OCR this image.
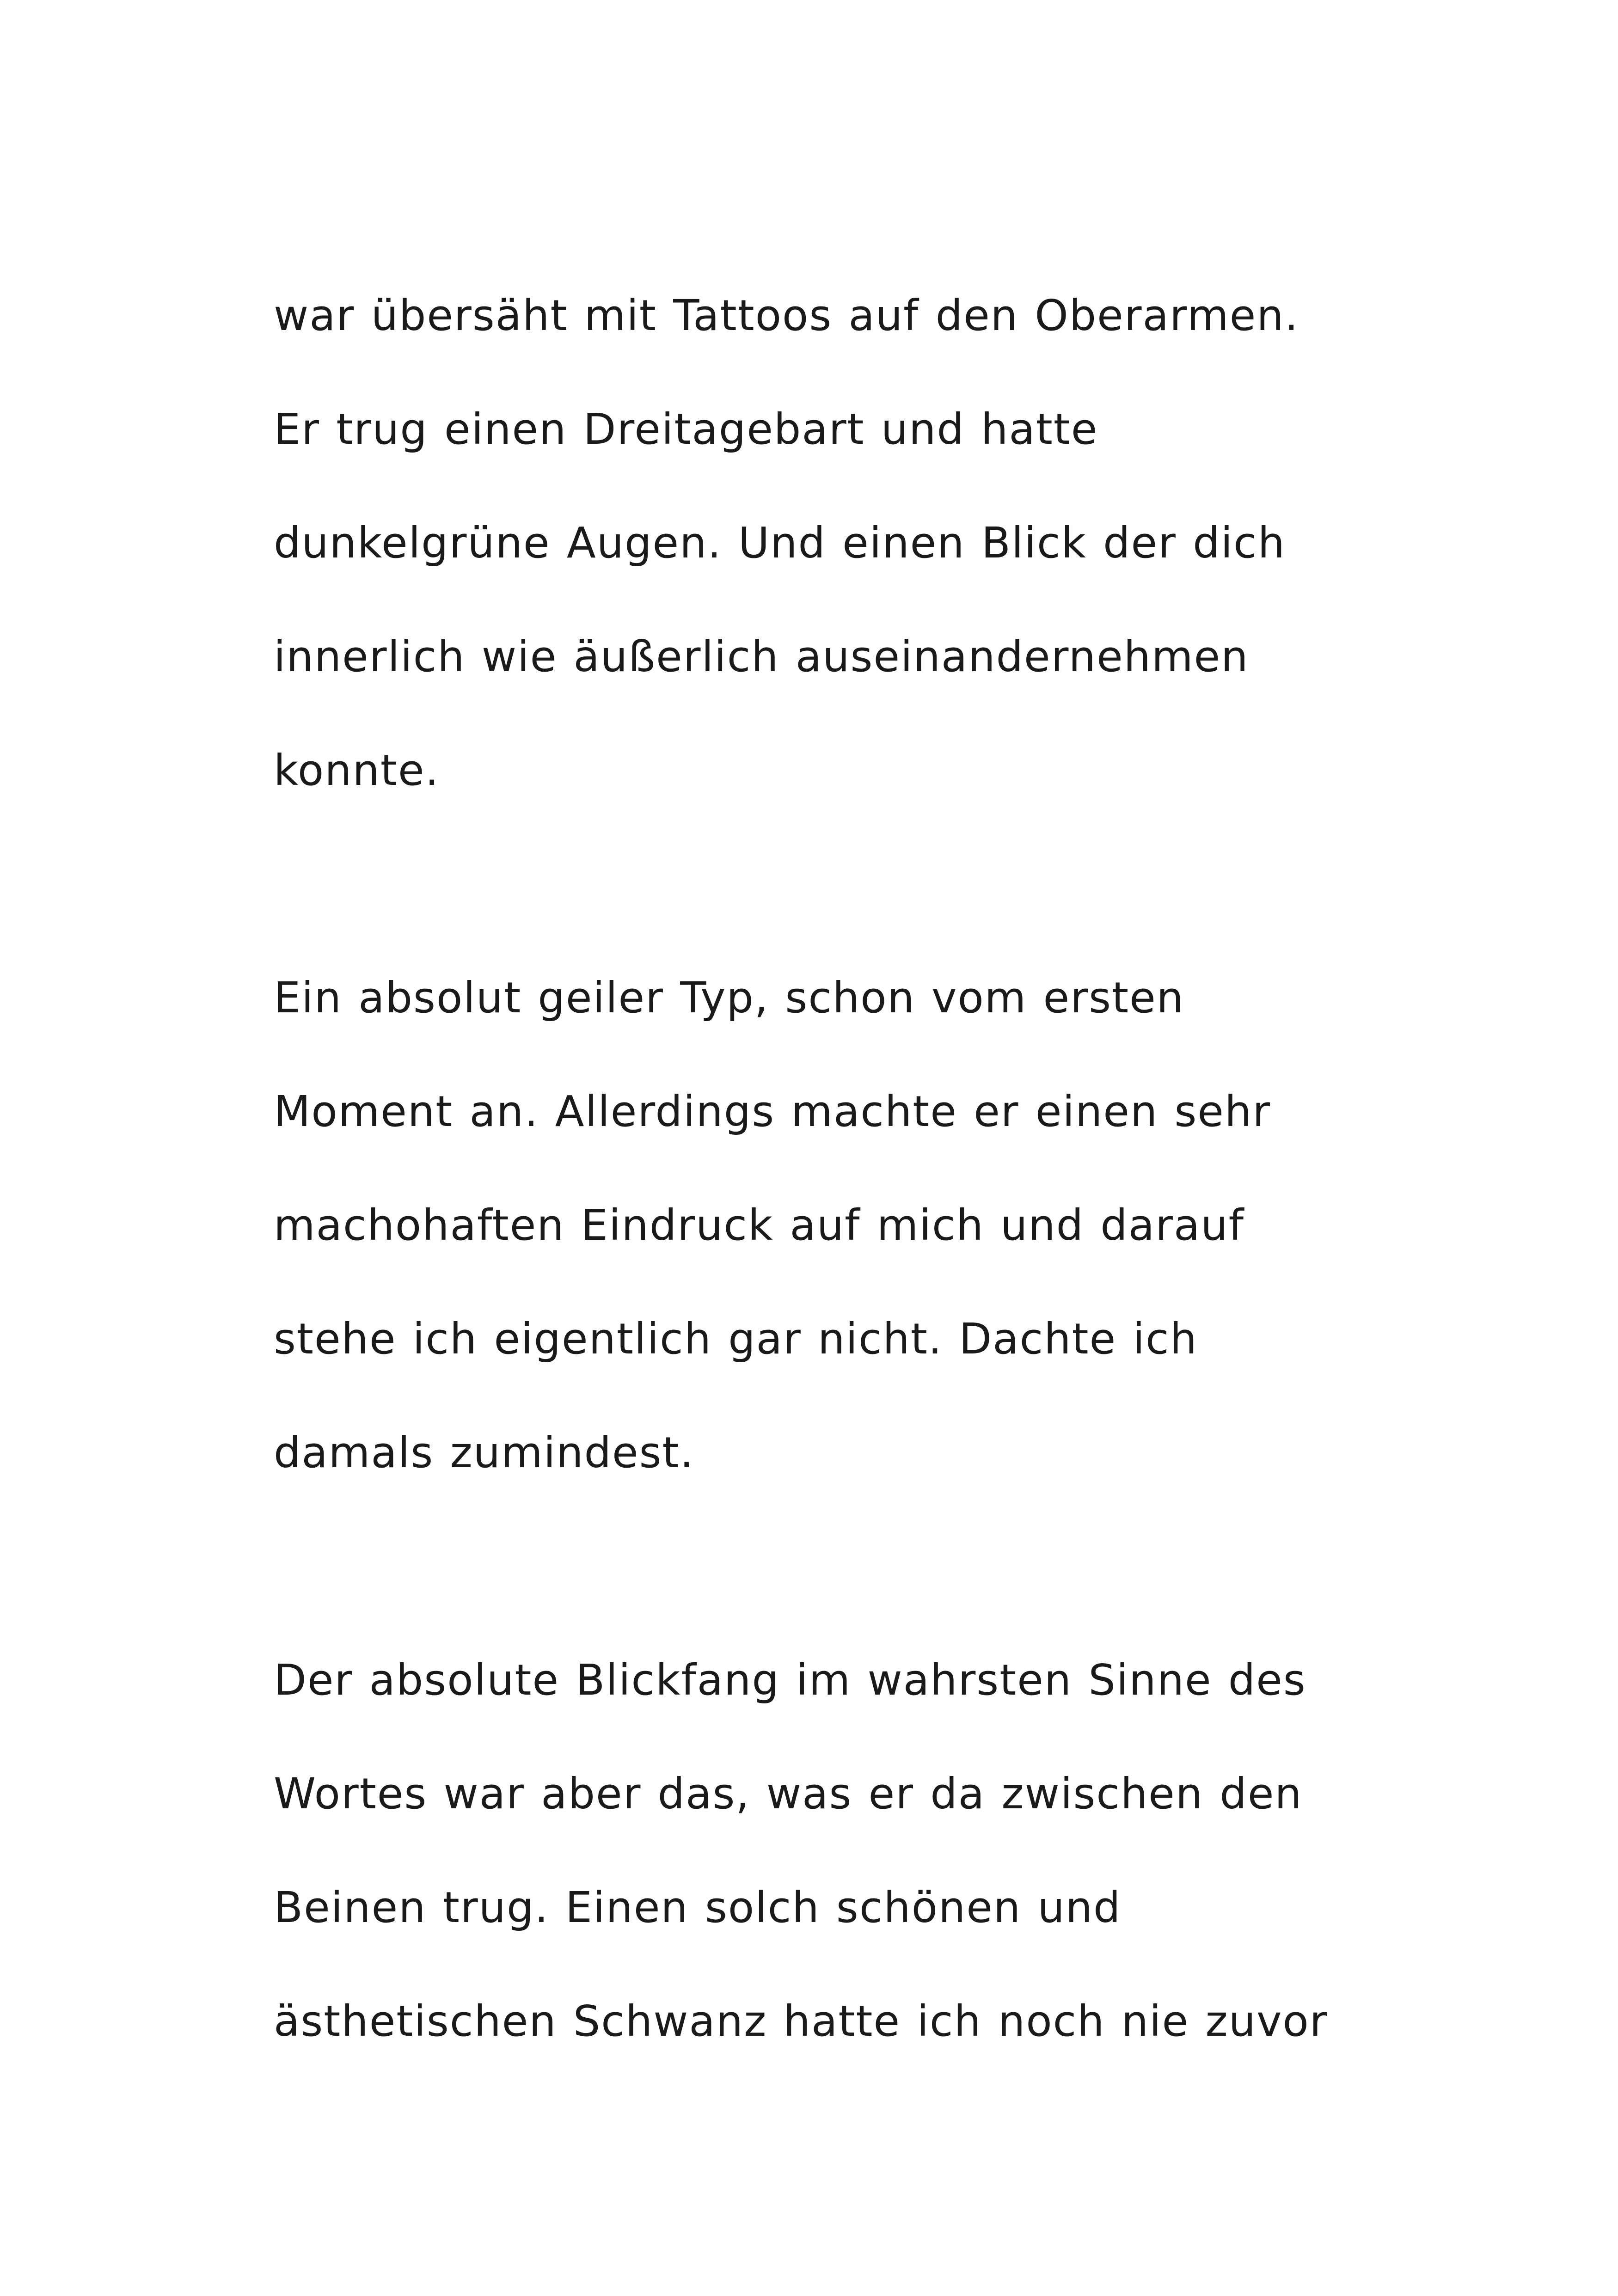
war übersäht mit Tattoos auf den Oberarmen.
Er trug einen Dreitagebart und hatte
dunkelgrüne Augen. Und einen Blick der dich
innerlich wie äußerlich auseinandernehmen
konnte.
Ein absolut geiler Typ, schon vom ersten
Moment an. Allerdings machte er einen sehr
machohaften Eindruck auf mich und darauf
stehe ich eigentlich gar nicht. Dachte ich
damals zumindest.
Der absolute Blickfang im wahrsten Sinne des
Wortes war aber das, was er da zwischen den
Beinen trug. Einen solch schönen und
ästhetischen Schwanz hatte ich noch nie zuvor
